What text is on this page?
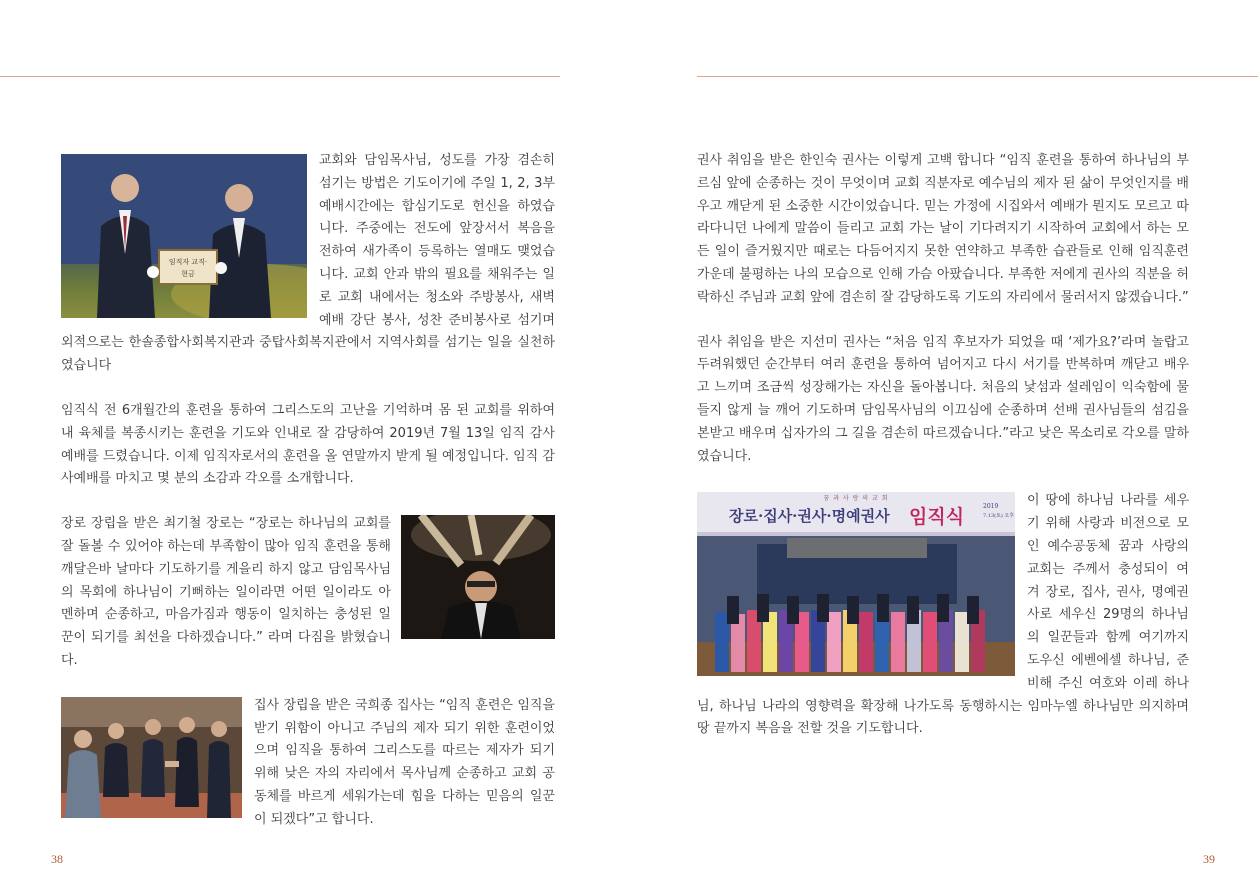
임직자 교직·
현금

교회와 담임목사님, 성도를 가장 겸손히 섬기는 방법은 기도이기에 주일 1, 2, 3부 예배시간에는 합심기도로 헌신을 하였습니다. 주중에는 전도에 앞장서서 복음을 전하여 새가족이 등록하는 열매도 맺었습니다. 교회 안과 밖의 필요를 채워주는 일로 교회 내에서는 청소와 주방봉사, 새벽예배 강단 봉사, 성찬 준비봉사로 섬기며 외적으로는 한솔종합사회복지관과 중탑사회복지관에서 지역사회를 섬기는 일을 실천하였습니다

임직식 전 6개월간의 훈련을 통하여 그리스도의 고난을 기억하며 몸 된 교회를 위하여 내 육체를 복종시키는 훈련을 기도와 인내로 잘 감당하여 2019년 7월 13일 임직 감사예배를 드렸습니다. 이제 임직자로서의 훈련을 올 연말까지 받게 될 예정입니다. 임직 감사예배를 마치고 몇 분의 소감과 각오를 소개합니다.

장로 장립을 받은 최기철 장로는 “장로는 하나님의 교회를 잘 돌볼 수 있어야 하는데 부족함이 많아 임직 훈련을 통해 깨달은바 날마다 기도하기를 게을리 하지 않고 담임목사님의 목회에 하나님이 기뻐하는 일이라면 어떤 일이라도 아멘하며 순종하고, 마음가짐과 행동이 일치하는 충성된 일꾼이 되기를 최선을 다하겠습니다.” 라며 다짐을 밝혔습니다.

집사 장립을 받은 국희종 집사는 “임직 훈련은 임직을 받기 위함이 아니고 주님의 제자 되기 위한 훈련이었으며 임직을 통하여 그리스도를 따르는 제자가 되기 위해 낮은 자의 자리에서 목사님께 순종하고 교회 공동체를 바르게 세워가는데 힘을 다하는 믿음의 일꾼이 되겠다”고 합니다.

권사 취임을 받은 한인숙 권사는 이렇게 고백 합니다 “임직 훈련을 통하여 하나님의 부르심 앞에 순종하는 것이 무엇이며 교회 직분자로 예수님의 제자 된 삶이 무엇인지를 배우고 깨닫게 된 소중한 시간이었습니다. 믿는 가정에 시집와서 예배가 뭔지도 모르고 따라다니던 나에게 말씀이 들리고 교회 가는 날이 기다려지기 시작하여 교회에서 하는 모든 일이 즐거웠지만 때로는 다듬어지지 못한 연약하고 부족한 습관들로 인해 임직훈련 가운데 불평하는 나의 모습으로 인해 가슴 아팠습니다. 부족한 저에게 권사의 직분을 허락하신 주님과 교회 앞에 겸손히 잘 감당하도록 기도의 자리에서 물러서지 않겠습니다.”

권사 취임을 받은 지선미 권사는 “처음 임직 후보자가 되었을 때 ‘제가요?’라며 놀랍고 두려워했던 순간부터 여러 훈련을 통하여 넘어지고 다시 서기를 반복하며 깨닫고 배우고 느끼며 조금씩 성장해가는 자신을 돌아봅니다. 처음의 낯섬과 설레임이 익숙함에 물들지 않게 늘 깨어 기도하며 담임목사님의 이끄심에 순종하며 선배 권사님들의 섬김을 본받고 배우며 십자가의 그 길을 겸손히 따르겠습니다.”라고 낮은 목소리로 각오를 말하였습니다.

꿈 과 사 랑 의 교 회
장로·집사·권사·명예권사 임직식	2019
7.13(토) 오후

이 땅에 하나님 나라를 세우기 위해 사랑과 비전으로 모인 예수공동체 꿈과 사랑의교회는 주께서 충성되이 여겨 장로, 집사, 권사, 명예권사로 세우신 29명의 하나님의 일꾼들과 함께 여기까지 도우신 에벤에셀 하나님, 준비해 주신 여호와 이레 하나님, 하나님 나라의 영향력을 확장해 나가도록 동행하시는 임마누엘 하나님만 의지하며 땅 끝까지 복음을 전할 것을 기도합니다.

38	39
